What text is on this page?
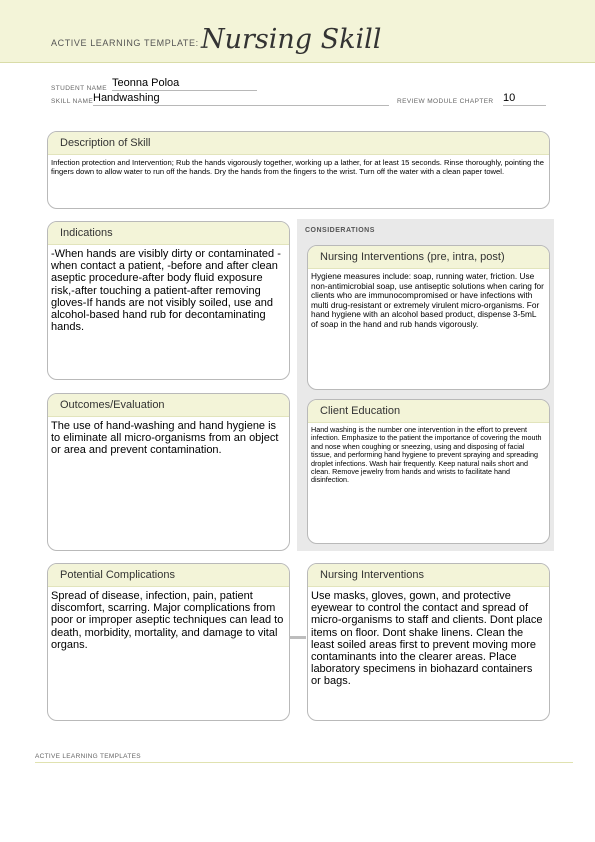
ACTIVE LEARNING TEMPLATE: Nursing Skill
STUDENT NAME Teonna Poloa
SKILL NAME Handwashing	REVIEW MODULE CHAPTER 10
Description of Skill
Infection protection and Intervention; Rub the hands vigorously together, working up a lather, for at least 15 seconds. Rinse thoroughly, pointing the fingers down to allow water to run off the hands. Dry the hands from the fingers to the wrist. Turn off the water with a clean paper towel.
Indications
-When hands are visibly dirty or contaminated -when contact a patient, -before and after clean aseptic procedure-after body fluid exposure risk,-after touching a patient-after removing gloves-If hands are not visibly soiled, use and alcohol-based hand rub for decontaminating hands.
CONSIDERATIONS
Nursing Interventions (pre, intra, post)
Hygiene measures include: soap, running water, friction. Use non-antimicrobial soap, use antiseptic solutions when caring for clients who are immunocompromised or have infections with multi drug-resistant or extremely virulent micro-organisms. For hand hygiene with an alcohol based product, dispense 3-5mL of soap in the hand and rub hands vigorously.
Outcomes/Evaluation
The use of hand-washing and hand hygiene is to eliminate all micro-organisms from an object or area and prevent contamination.
Client Education
Hand washing is the number one intervention in the effort to prevent infection. Emphasize to the patient the importance of covering the mouth and nose when coughing or sneezing, using and disposing of facial tissue, and performing hand hygiene to prevent spraying and spreading droplet infections. Wash hair frequently. Keep natural nails short and clean. Remove jewelry from hands and wrists to facilitate hand disinfection.
Potential Complications
Spread of disease, infection, pain, patient discomfort, scarring. Major complications from poor or improper aseptic techniques can lead to death, morbidity, mortality, and damage to vital organs.
Nursing Interventions
Use masks, gloves, gown, and protective eyewear to control the contact and spread of micro-organisms to staff and clients. Dont place items on floor. Dont shake linens. Clean the least soiled areas first to prevent moving more contaminants into the clearer areas. Place laboratory specimens in biohazard containers or bags.
ACTIVE LEARNING TEMPLATES
